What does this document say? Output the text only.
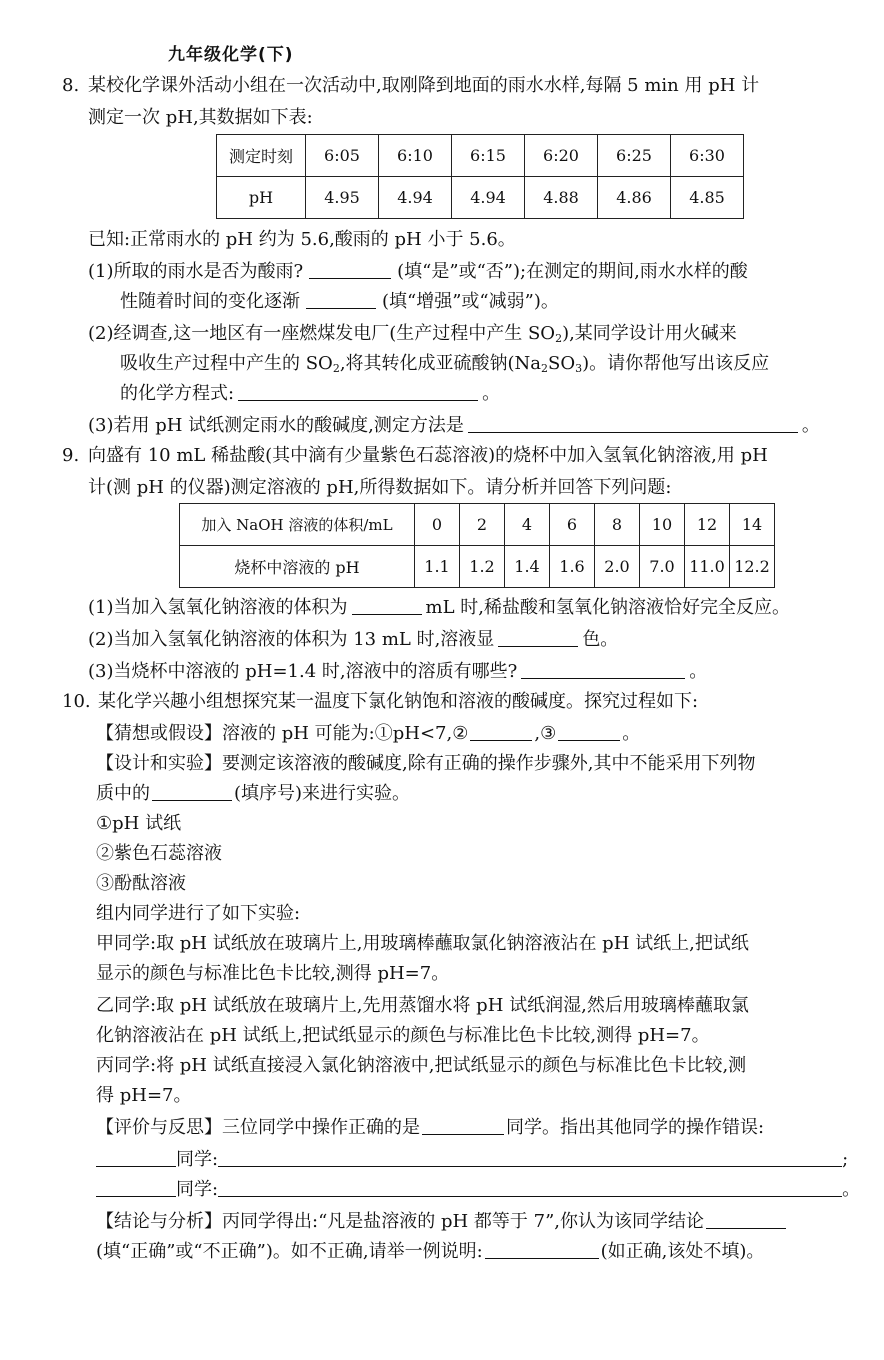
九年级化学(下)
8. 某校化学课外活动小组在一次活动中,取刚降到地面的雨水水样,每隔 5 min 用 pH 计
测定一次 pH,其数据如下表:
测定时刻	6:05	6:10	6:15	6:20	6:25	6:30
pH	4.95	4.94	4.94	4.88	4.86	4.85
已知:正常雨水的 pH 约为 5.6,酸雨的 pH 小于 5.6。
(1)所取的雨水是否为酸雨?	(填“是”或“否”);在测定的期间,雨水水样的酸
性随着时间的变化逐渐	(填“增强”或“减弱”)。
(2)经调查,这一地区有一座燃煤发电厂(生产过程中产生 $SO_2$),某同学设计用火碱来
吸收生产过程中产生的 $SO_2$,将其转化成亚硫酸钠$(Na_2SO_3)$。请你帮他写出该反应
的化学方程式:	。
(3)若用 pH 试纸测定雨水的酸碱度,测定方法是	。
9. 向盛有 10 mL 稀盐酸(其中滴有少量紫色石蕊溶液)的烧杯中加入氢氧化钠溶液,用 pH
计(测 pH 的仪器)测定溶液的 pH,所得数据如下。请分析并回答下列问题:
加入 NaOH 溶液的体积/mL	0	2	4	6	8	10	12	14
烧杯中溶液的 pH	1.1	1.2	1.4	1.6	2.0	7.0	11.0	12.2
(1)当加入氢氧化钠溶液的体积为	mL 时,稀盐酸和氢氧化钠溶液恰好完全反应。
(2)当加入氢氧化钠溶液的体积为 13 mL 时,溶液显	色。
(3)当烧杯中溶液的 pH=1.4 时,溶液中的溶质有哪些?	。
10. 某化学兴趣小组想探究某一温度下氯化钠饱和溶液的酸碱度。探究过程如下:
【猜想或假设】溶液的 pH 可能为:①pH<7,②	,③	。
【设计和实验】要测定该溶液的酸碱度,除有正确的操作步骤外,其中不能采用下列物
质中的	(填序号)来进行实验。
①pH 试纸
②紫色石蕊溶液
③酚酞溶液
组内同学进行了如下实验:
甲同学:取 pH 试纸放在玻璃片上,用玻璃棒蘸取氯化钠溶液沾在 pH 试纸上,把试纸
显示的颜色与标准比色卡比较,测得 pH=7。
乙同学:取 pH 试纸放在玻璃片上,先用蒸馏水将 pH 试纸润湿,然后用玻璃棒蘸取氯
化钠溶液沾在 pH 试纸上,把试纸显示的颜色与标准比色卡比较,测得 pH=7。
丙同学:将 pH 试纸直接浸入氯化钠溶液中,把试纸显示的颜色与标准比色卡比较,测
得 pH=7。
【评价与反思】三位同学中操作正确的是	同学。指出其他同学的操作错误:
同学:	;
同学:	。
【结论与分析】丙同学得出:“凡是盐溶液的 pH 都等于 7”,你认为该同学结论
(填“正确”或“不正确”)。如不正确,请举一例说明:	(如正确,该处不填)。
